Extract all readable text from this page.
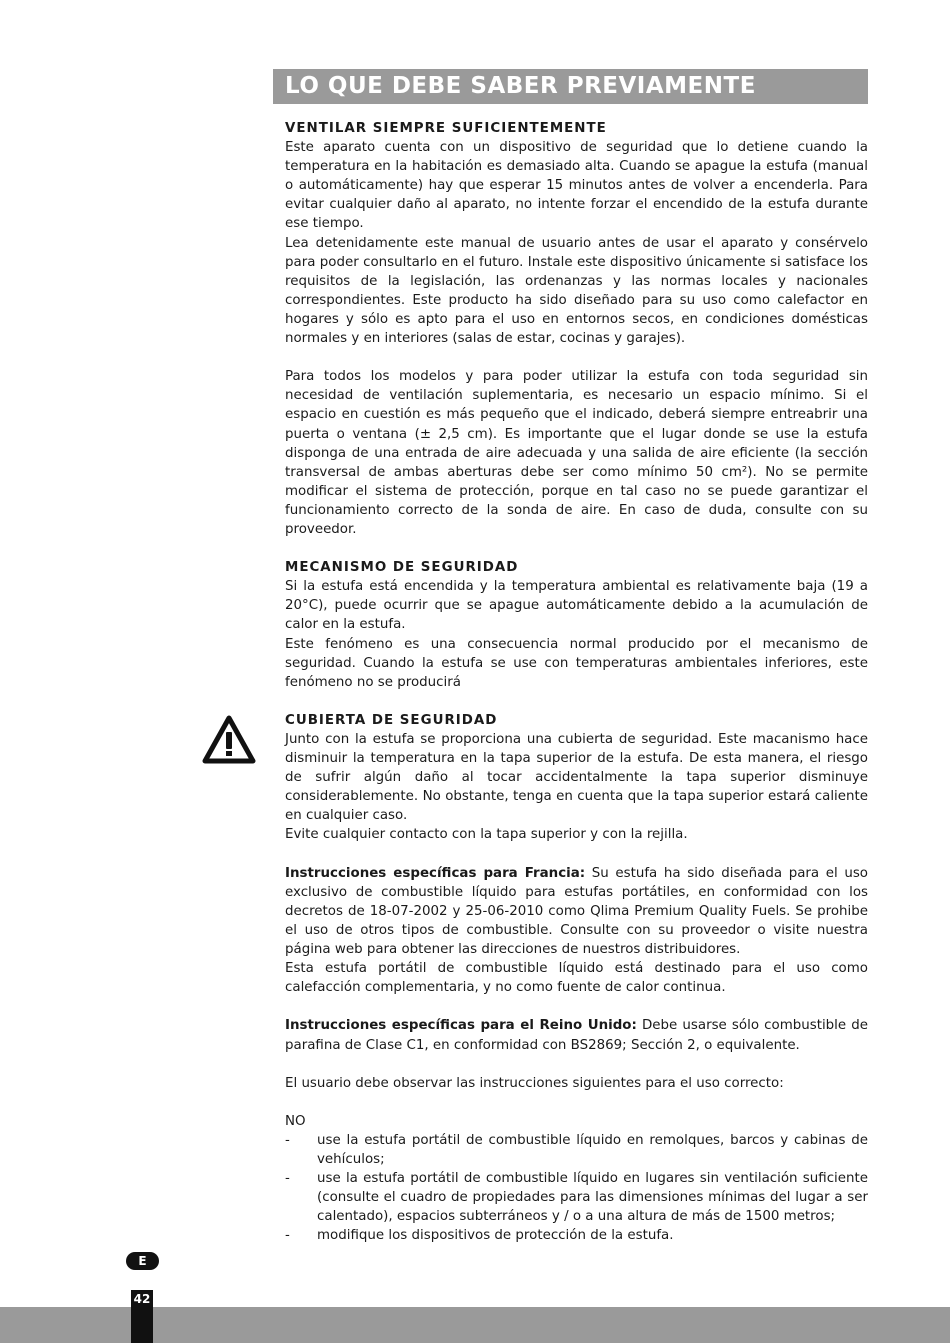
LO QUE DEBE SABER PREVIAMENTE
VENTILAR SIEMPRE SUFICIENTEMENTE

Este aparato cuenta con un dispositivo de seguridad que lo detiene cuando la temperatura en la habitación es demasiado alta. Cuando se apague la estufa (manual o automáticamente) hay que esperar 15 minutos antes de volver a encenderla. Para evitar cualquier daño al aparato, no intente forzar el encendido de la estufa durante ese tiempo.

Lea detenidamente este manual de usuario antes de usar el aparato y consérvelo para poder consultarlo en el futuro. Instale este dispositivo únicamente si satisface los requisitos de la legislación, las ordenanzas y las normas locales y nacionales correspondientes. Este producto ha sido diseñado para su uso como calefactor en hogares y sólo es apto para el uso en entornos secos, en condiciones domésticas normales y en interiores (salas de estar, cocinas y garajes).

Para todos los modelos y para poder utilizar la estufa con toda seguridad sin necesidad de ventilación suplementaria, es necesario un espacio mínimo. Si el espacio en cuestión es más pequeño que el indicado, deberá siempre entreabrir una puerta o ventana (± 2,5 cm). Es importante que el lugar donde se use la estufa disponga de una entrada de aire adecuada y una salida de aire eficiente (la sección transversal de ambas aberturas debe ser como mínimo 50 cm²). No se permite modificar el sistema de protección, porque en tal caso no se puede garantizar el funcionamiento correcto de la sonda de aire. En caso de duda, consulte con su proveedor.

MECANISMO DE SEGURIDAD

Si la estufa está encendida y la temperatura ambiental es relativamente baja (19 a 20°C), puede ocurrir que se apague automáticamente debido a la acumulación de calor en la estufa.

Este fenómeno es una consecuencia normal producido por el mecanismo de seguridad. Cuando la estufa se use con temperaturas ambientales inferiores, este fenómeno no se producirá

CUBIERTA DE SEGURIDAD

Junto con la estufa se proporciona una cubierta de seguridad. Este macanismo hace disminuir la temperatura en la tapa superior de la estufa. De esta manera, el riesgo de sufrir algún daño al tocar accidentalmente la tapa superior disminuye considerablemente. No obstante, tenga en cuenta que la tapa superior estará caliente en cualquier caso.

Evite cualquier contacto con la tapa superior y con la rejilla.

Instrucciones específicas para Francia: Su estufa ha sido diseñada para el uso exclusivo de combustible líquido para estufas portátiles, en conformidad con los decretos de 18-07-2002 y 25-06-2010 como Qlima Premium Quality Fuels. Se prohibe el uso de otros tipos de combustible. Consulte con su proveedor o visite nuestra página web para obtener las direcciones de nuestros distribuidores.

Esta estufa portátil de combustible líquido está destinado para el uso como calefacción complementaria, y no como fuente de calor continua.

Instrucciones específicas para el Reino Unido: Debe usarse sólo combustible de parafina de Clase C1, en conformidad con BS2869; Sección 2, o equivalente.

El usuario debe observar las instrucciones siguientes para el uso correcto:

NO

- use la estufa portátil de combustible líquido en remolques, barcos y cabinas de vehículos;
- use la estufa portátil de combustible líquido en lugares sin ventilación suficiente (consulte el cuadro de propiedades para las dimensiones mínimas del lugar a ser calentado), espacios subterráneos y / o a una altura de más de 1500 metros;
- modifique los dispositivos de protección de la estufa.
E
42
